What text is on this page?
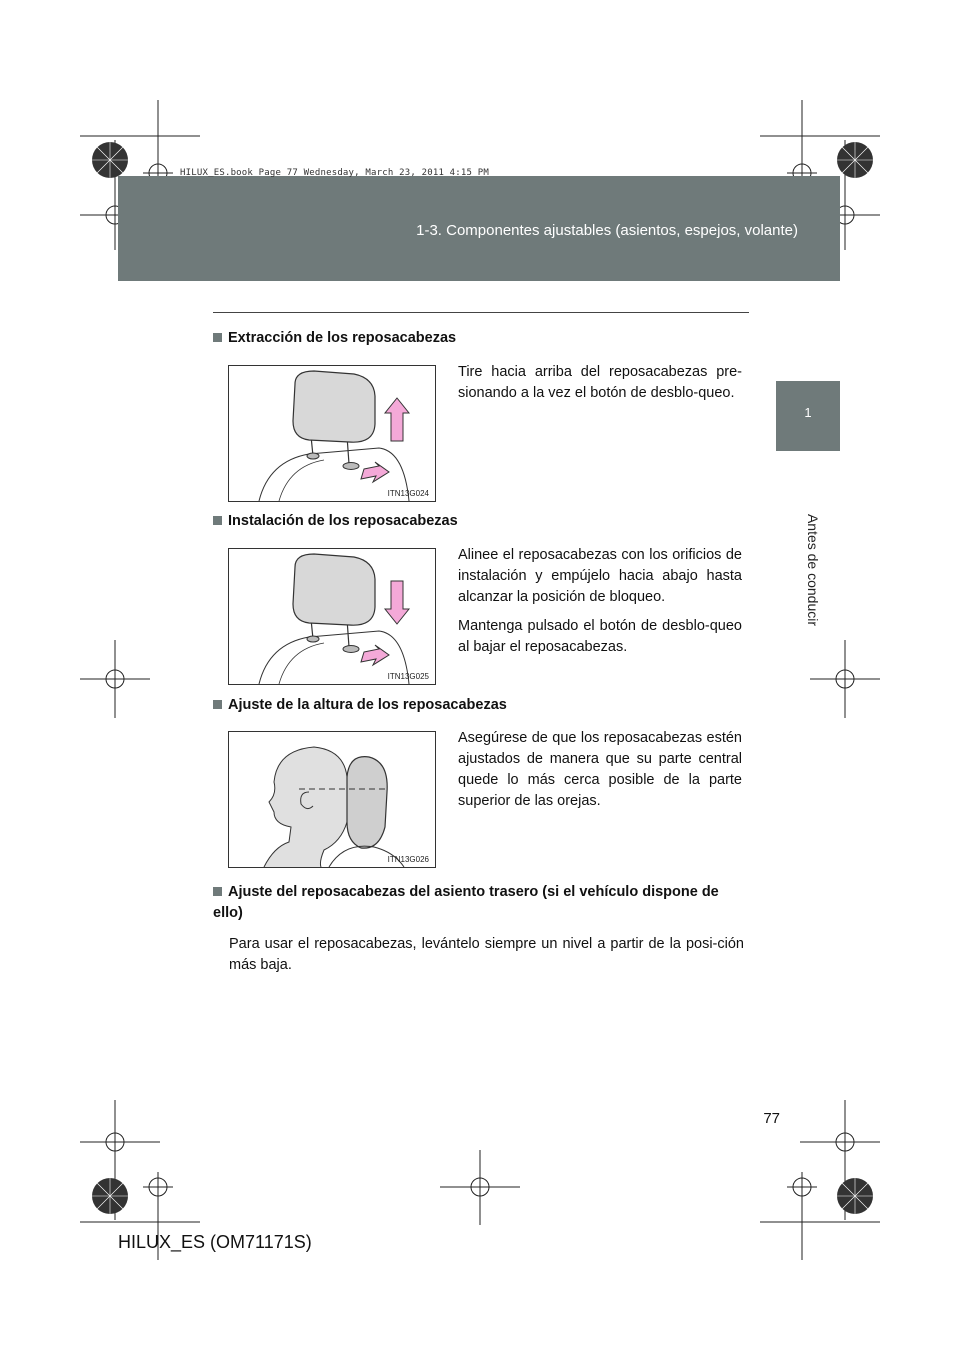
1-3. Componentes ajustables (asientos, espejos, volante)
HILUX_ES.book Page 77 Wednesday, March 23, 2011 4:15 PM
1
Antes de conducir
Extracción de los reposacabezas
ITN13G024
Tire hacia arriba del reposacabezas pre-sionando a la vez el botón de desblo-queo.
Instalación de los reposacabezas
ITN13G025
Alinee el reposacabezas con los orificios de instalación y empújelo hacia abajo hasta alcanzar la posición de bloqueo.
Mantenga pulsado el botón de desblo-queo al bajar el reposacabezas.
Ajuste de la altura de los reposacabezas
ITN13G026
Asegúrese de que los reposacabezas estén ajustados de manera que su parte central quede lo más cerca posible de la parte superior de las orejas.
Ajuste del reposacabezas del asiento trasero (si el vehículo dispone de ello)
Para usar el reposacabezas, levántelo siempre un nivel a partir de la posi-ción más baja.
77
HILUX_ES (OM71171S)
